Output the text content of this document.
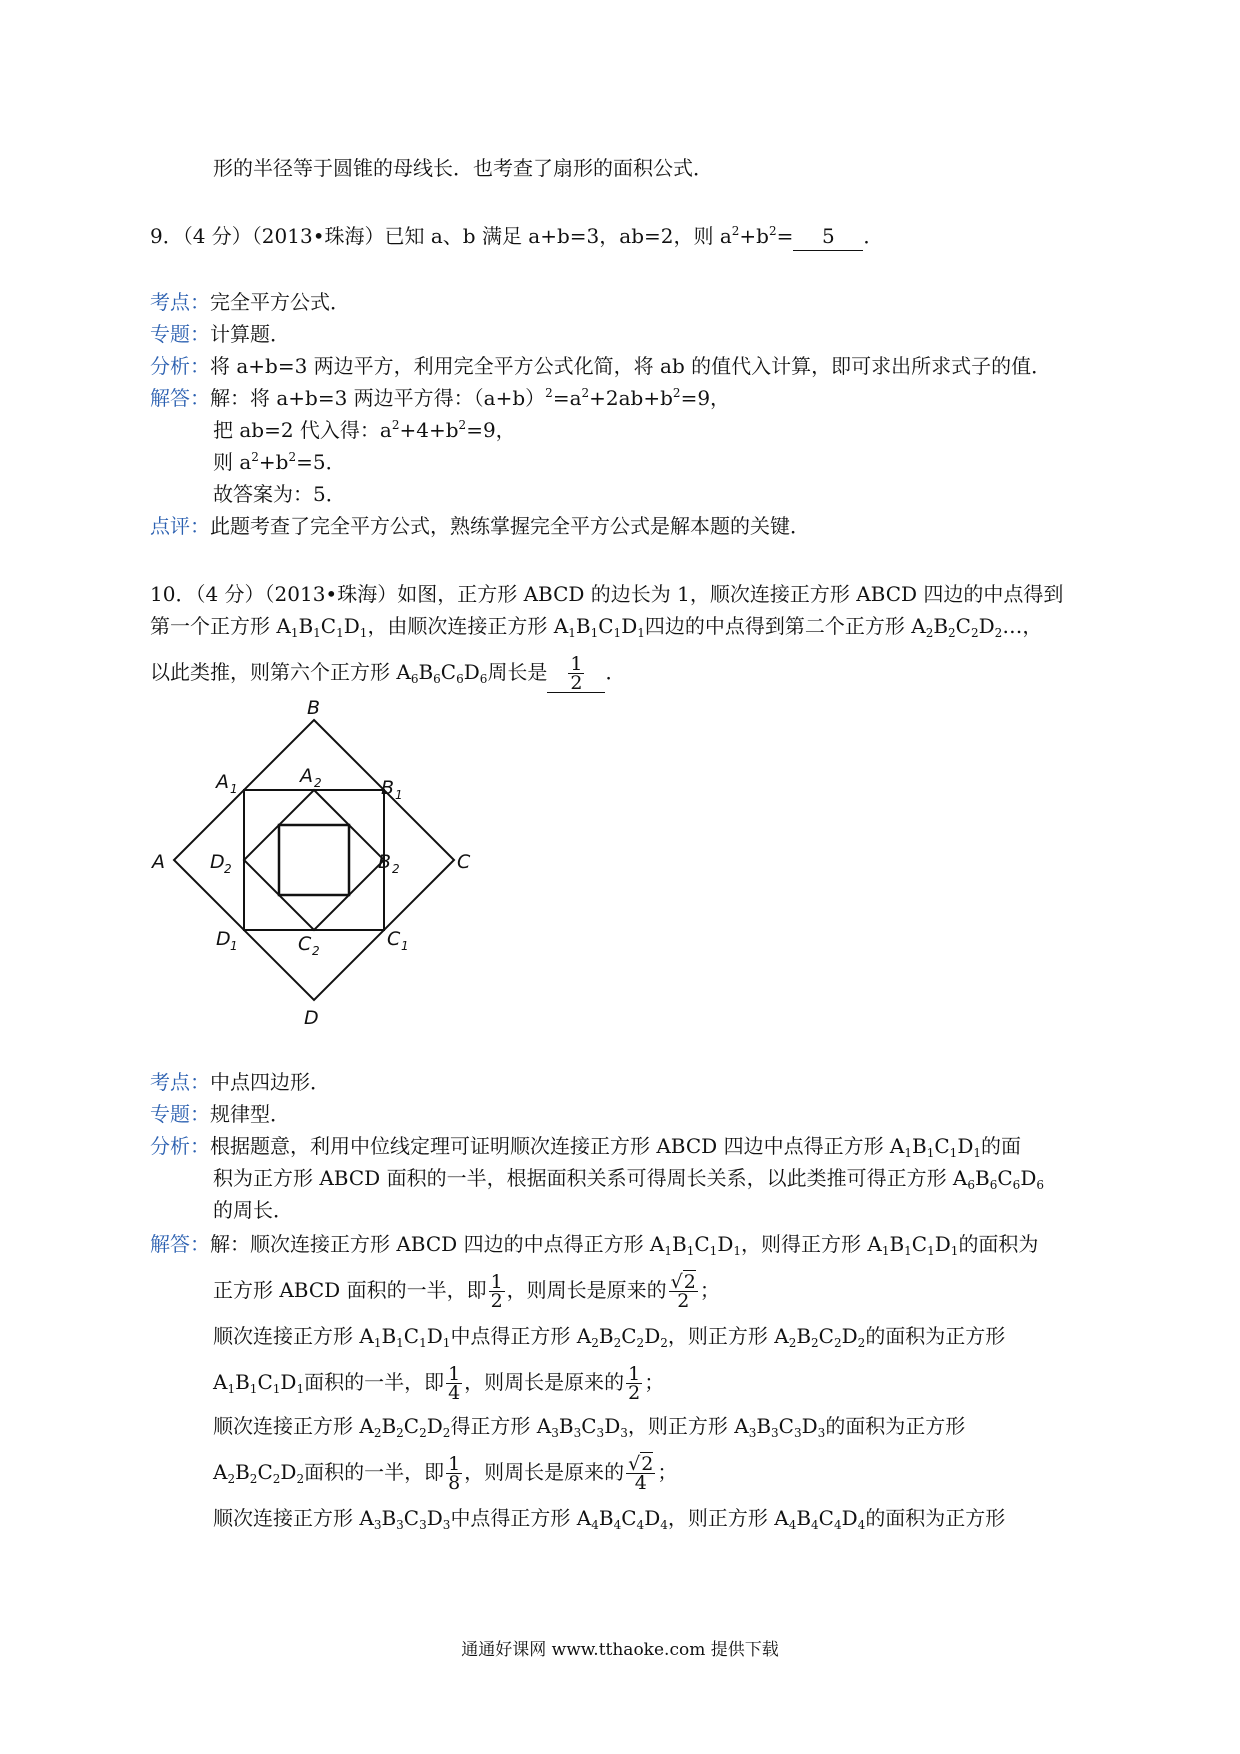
形的半径等于圆锥的母线长．也考查了扇形的面积公式．
9．（4 分）（2013•珠海）已知 a、b 满足 a+b=3，ab=2，则 $a^2+b^2= 5$ ．
考点：完全平方公式．
专题：计算题．
分析：将 a+b=3 两边平方，利用完全平方公式化简，将 ab 的值代入计算，即可求出所求式子的值．
解答：解：将 a+b=3 两边平方得：$(a+b)^2=a^2+2ab+b^2=9$，
把 ab=2 代入得：$a^2+4+b^2=9$，
则 $a^2+b^2=5$．
故答案为：5．
点评：此题考查了完全平方公式，熟练掌握完全平方公式是解本题的关键．
10．（4 分）（2013•珠海）如图，正方形 ABCD 的边长为 1，顺次连接正方形 ABCD 四边的中点得到
第一个正方形 $A_1B_1C_1D_1$，由顺次连接正方形 $A_1B_1C_1D_1$四边的中点得到第二个正方形 $A_2B_2C_2D_2\dots$，
以此类推，则第六个正方形 $A_6B_6C_6D_6$周长是 $\frac{1}{2}$ ．
B
C
D
A
A 1	B 1
C 1
D 1
A 2
B 2
C 2
D 2
考点：中点四边形．
专题：规律型．
分析：根据题意，利用中位线定理可证明顺次连接正方形 ABCD 四边中点得正方形 $A_1B_1C_1D_1$的面
积为正方形 ABCD 面积的一半，根据面积关系可得周长关系，以此类推可得正方形 $A_6B_6C_6D_6$
的周长．
解答：解：顺次连接正方形 ABCD 四边的中点得正方形 $A_1B_1C_1D_1$，则得正方形 $A_1B_1C_1D_1$的面积为
正方形 ABCD 面积的一半，即 $\frac{1}{2}$ ，则周长是原来的 $\frac{√2}{2}$ ；
顺次连接正方形 $A_1B_1C_1D_1$中点得正方形 $A_2B_2C_2D_2$，则正方形 $A_2B_2C_2D_2$的面积为正方形
$A_1B_1C_1D_1$面积的一半，即 $\frac{1}{4}$ ，则周长是原来的 $\frac{1}{2}$ ；
顺次连接正方形 $A_2B_2C_2D_2$得正方形 $A_3B_3C_3D_3$，则正方形 $A_3B_3C_3D_3$的面积为正方形
$A_2B_2C_2D_2$面积的一半，即 $\frac{1}{8}$ ，则周长是原来的 $\frac{√2}{4}$ ；
顺次连接正方形 $A_3B_3C_3D_3$中点得正方形 $A_4B_4C_4D_4$，则正方形 $A_4B_4C_4D_4$的面积为正方形
通通好课网 www.tthaoke.com 提供下载
